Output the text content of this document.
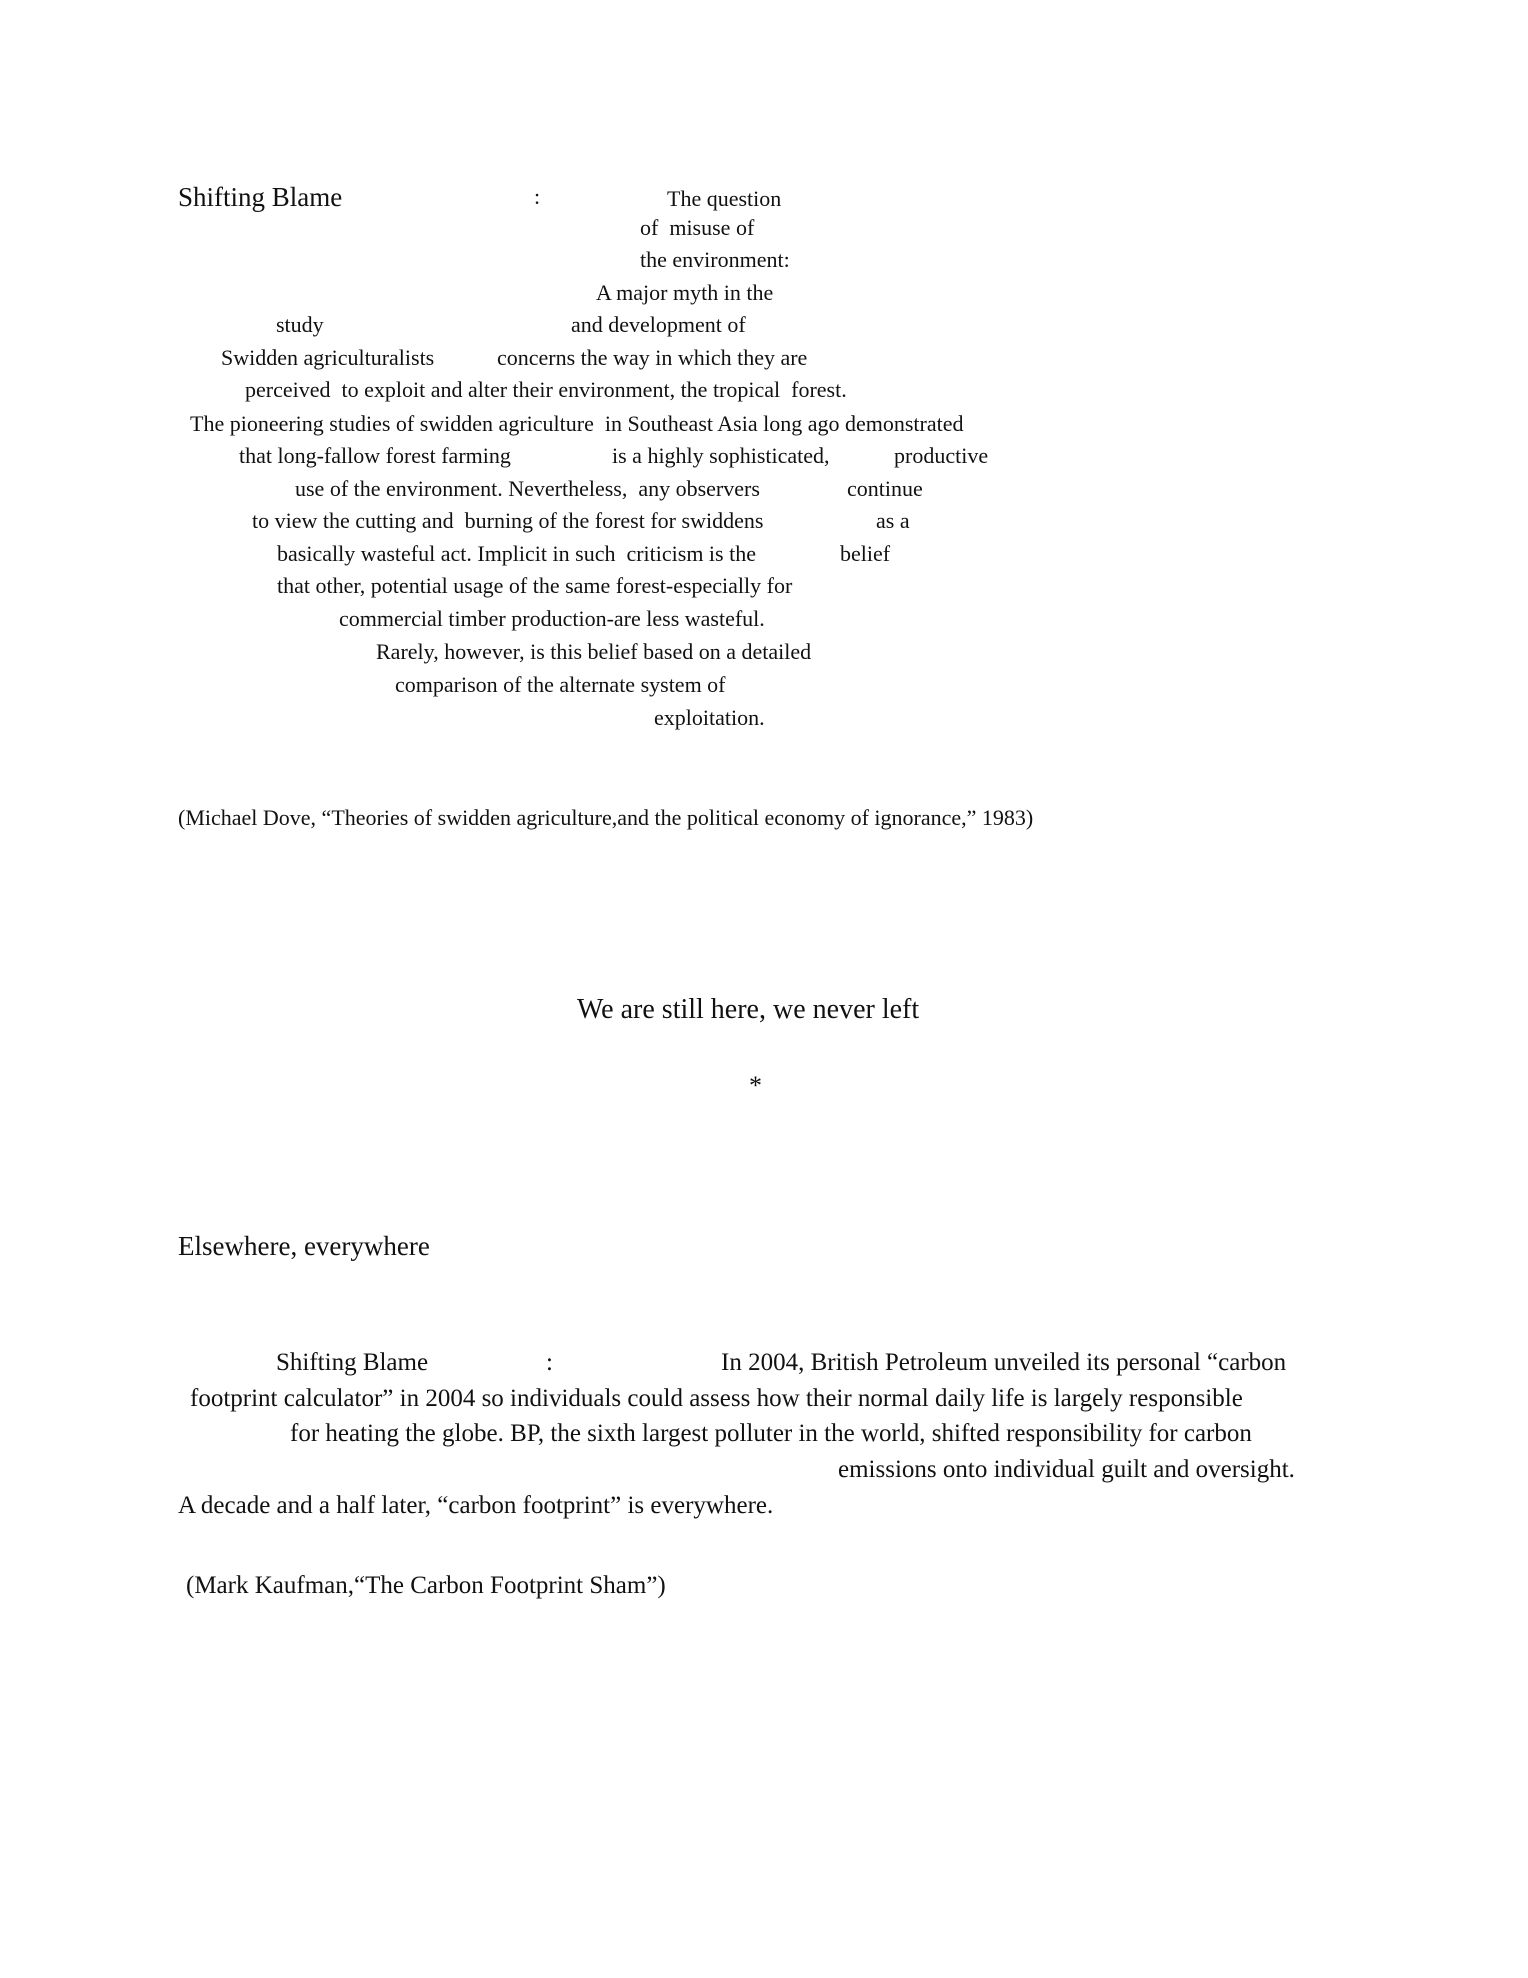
Shifting Blame	:	The question
of  misuse of
the environment:
A major myth in the
study	and development of
Swidden agriculturalists	concerns the way in which they are
perceived  to exploit and alter their environment, the tropical  forest.
The pioneering studies of swidden agriculture  in Southeast Asia long ago demonstrated
that long-fallow forest farming	is a highly sophisticated,	productive
use of the environment. Nevertheless,  any observers	continue
to view the cutting and  burning of the forest for swiddens	as a
basically wasteful act. Implicit in such  criticism is the	belief
that other, potential usage of the same forest-especially for
commercial timber production-are less wasteful.
Rarely, however, is this belief based on a detailed
comparison of the alternate system of
exploitation.
(Michael Dove, “Theories of swidden agriculture,and the political economy of ignorance,” 1983)
We are still here, we never left
*
Elsewhere, everywhere
Shifting Blame	:	In 2004, British Petroleum unveiled its personal “carbon
footprint calculator” in 2004 so individuals could assess how their normal daily life is largely responsible
for heating the globe. BP, the sixth largest polluter in the world, shifted responsibility for carbon
emissions onto individual guilt and oversight.
A decade and a half later, “carbon footprint” is everywhere.
(Mark Kaufman,“The Carbon Footprint Sham”)
